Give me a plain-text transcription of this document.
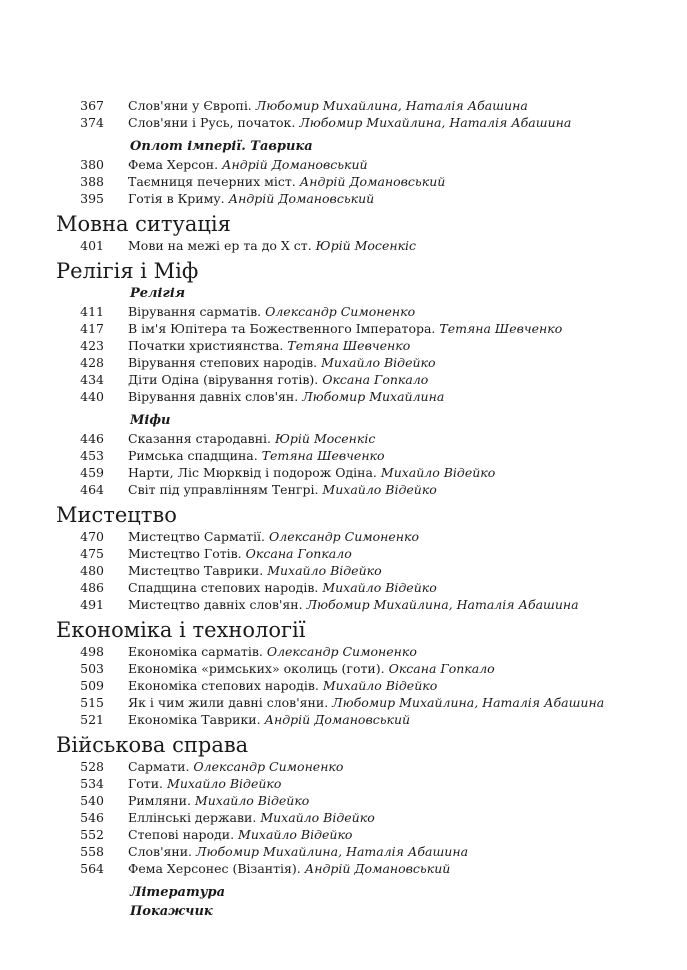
367 Слов'яни у Європі. Любомир Михайлина, Наталія Абашина
374 Слов'яни і Русь, початок. Любомир Михайлина, Наталія Абашина
Оплот імперії. Таврика
380 Фема Херсон. Андрій Домановський
388 Таємниця печерних міст. Андрій Домановський
395 Готія в Криму. Андрій Домановський
Мовна ситуація
401 Мови на межі ер та до Х ст. Юрій Мосенкіс
Релігія і Міф
Релігія
411 Вірування сарматів. Олександр Симоненко
417 В ім'я Юпітера та Божественного Імператора. Тетяна Шевченко
423 Початки християнства. Тетяна Шевченко
428 Вірування степових народів. Михайло Відейко
434 Діти Одіна (вірування готів). Оксана Гопкало
440 Вірування давніх слов'ян. Любомир Михайлина
Міфи
446 Сказання стародавні. Юрій Мосенкіс
453 Римська спадщина. Тетяна Шевченко
459 Нарти, Ліс Мюрквід і подорож Одіна. Михайло Відейко
464 Світ під управлінням Тенгрі. Михайло Відейко
Мистецтво
470 Мистецтво Сарматії. Олександр Симоненко
475 Мистецтво Готів. Оксана Гопкало
480 Мистецтво Таврики. Михайло Відейко
486 Спадщина степових народів. Михайло Відейко
491 Мистецтво давніх слов'ян. Любомир Михайлина, Наталія Абашина
Економіка і технології
498 Економіка сарматів. Олександр Симоненко
503 Економіка «римських» околиць (готи). Оксана Гопкало
509 Економіка степових народів. Михайло Відейко
515 Як і чим жили давні слов'яни. Любомир Михайлина, Наталія Абашина
521 Економіка Таврики. Андрій Домановський
Військова справа
528 Сармати. Олександр Симоненко
534 Готи. Михайло Відейко
540 Римляни. Михайло Відейко
546 Еллінські держави. Михайло Відейко
552 Степові народи. Михайло Відейко
558 Слов'яни. Любомир Михайлина, Наталія Абашина
564 Фема Херсонес (Візантія). Андрій Домановський
Література
Покажчик
